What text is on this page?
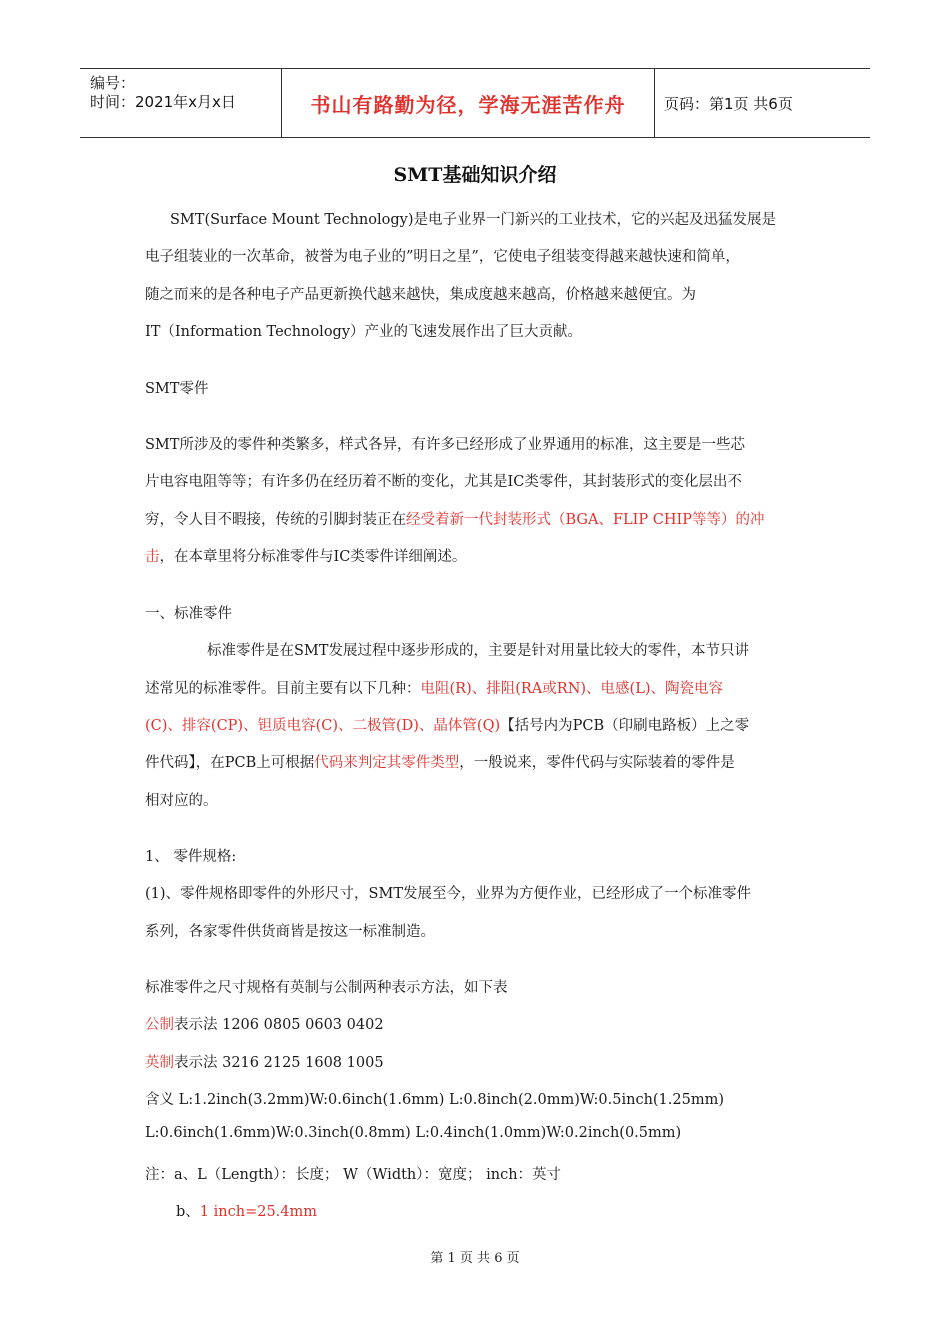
编号：
时间：2021年x月x日	书山有路勤为径，学海无涯苦作舟	页码：第1页 共6页
SMT基础知识介绍
SMT(Surface Mount Technology)是电子业界一门新兴的工业技术，它的兴起及迅猛发展是
电子组装业的一次革命，被誉为电子业的”明日之星”，它使电子组装变得越来越快速和简单，
随之而来的是各种电子产品更新换代越来越快，集成度越来越高，价格越来越便宜。为
IT（Information Technology）产业的飞速发展作出了巨大贡献。
SMT零件
SMT所涉及的零件种类繁多，样式各异，有许多已经形成了业界通用的标准，这主要是一些芯
片电容电阻等等；有许多仍在经历着不断的变化，尤其是IC类零件，其封装形式的变化层出不
穷，令人目不暇接，传统的引脚封装正在经受着新一代封装形式（BGA、FLIP CHIP等等）的冲
击，在本章里将分标准零件与IC类零件详细阐述。
一、标准零件
标准零件是在SMT发展过程中逐步形成的，主要是针对用量比较大的零件，本节只讲
述常见的标准零件。目前主要有以下几种：电阻(R)、排阻(RA或RN)、电感(L)、陶瓷电容
(C)、排容(CP)、钽质电容(C)、二极管(D)、晶体管(Q)【括号内为PCB（印刷电路板）上之零
件代码】，在PCB上可根据代码来判定其零件类型，一般说来，零件代码与实际装着的零件是
相对应的。
1、 零件规格:
(1)、零件规格即零件的外形尺寸，SMT发展至今，业界为方便作业，已经形成了一个标准零件
系列，各家零件供货商皆是按这一标准制造。
标准零件之尺寸规格有英制与公制两种表示方法，如下表
公制表示法 1206 0805 0603 0402
英制表示法 3216 2125 1608 1005
含义 L:1.2inch(3.2mm)W:0.6inch(1.6mm) L:0.8inch(2.0mm)W:0.5inch(1.25mm)
L:0.6inch(1.6mm)W:0.3inch(0.8mm) L:0.4inch(1.0mm)W:0.2inch(0.5mm)
注：a、L（Length）：长度； W（Width）：宽度； inch：英寸
b、1 inch=25.4mm
第 1 页 共 6 页
